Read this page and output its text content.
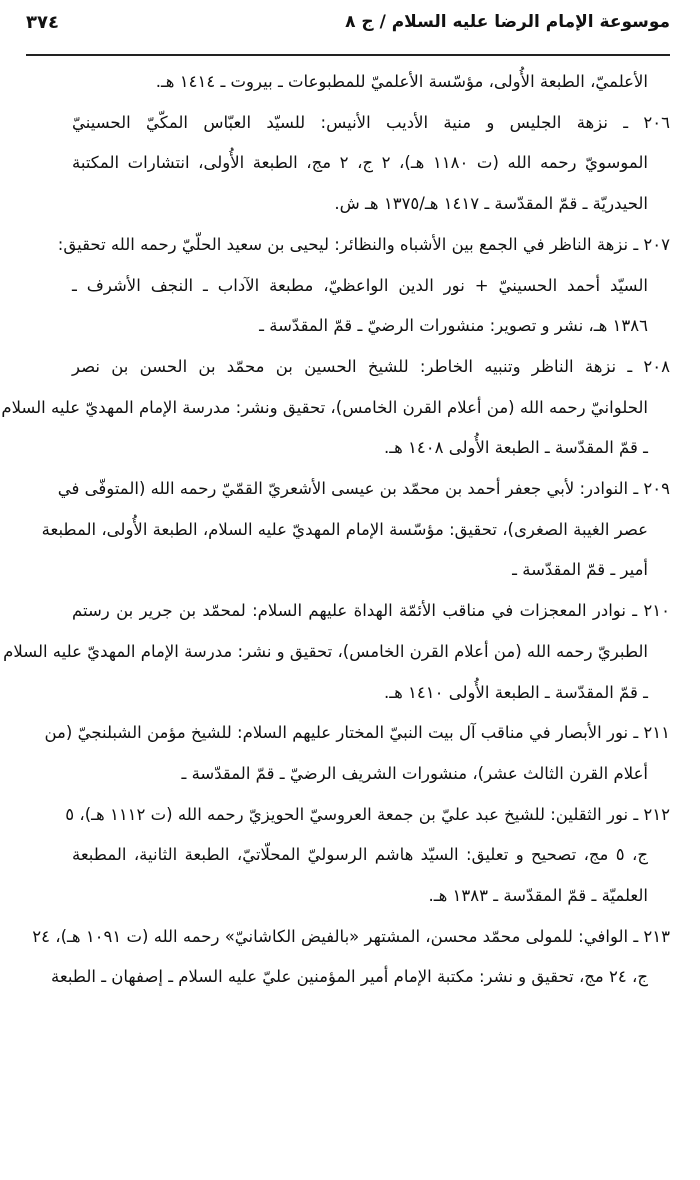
موسوعة الإمام الرضا عليه السلام / ج ٨
٣٧٤
الأعلميّ، الطبعة الأُولى، مؤسّسة الأعلميّ للمطبوعات ـ بيروت ـ ١٤١٤ هـ.
٢٠٦ ـ نزهة الجليس و منية الأديب الأنيس: للسيّد العبّاس المكّيّ الحسينيّ
الموسويّ رحمه الله (ت ١١٨٠ هـ)، ٢ ج، ٢ مج، الطبعة الأُولى، انتشارات المكتبة
الحيدريّة ـ قمّ المقدّسة ـ ١٤١٧ هـ/١٣٧٥ هـ ش.
٢٠٧ ـ نزهة الناظر في الجمع بين الأشباه والنظائر: ليحيى بن سعيد الحلّيّ رحمه الله تحقيق:
السيّد أحمد الحسينيّ + نور الدين الواعظيّ، مطبعة الآداب ـ النجف الأشرف ـ
١٣٨٦ هـ، نشر و تصوير: منشورات الرضيّ ـ قمّ المقدّسة ـ
٢٠٨ ـ نزهة الناظر وتنبيه الخاطر: للشيخ الحسين بن محمّد بن الحسن بن نصر
الحلوانيّ رحمه الله (من أعلام القرن الخامس)، تحقيق ونشر: مدرسة الإمام المهديّ عليه السلام
ـ قمّ المقدّسة ـ الطبعة الأُولى ١٤٠٨ هـ.
٢٠٩ ـ النوادر: لأبي جعفر أحمد بن محمّد بن عيسى الأشعريّ القمّيّ رحمه الله (المتوفّى في
عصر الغيبة الصغرى)، تحقيق: مؤسّسة الإمام المهديّ عليه السلام، الطبعة الأُولى، المطبعة
أمير ـ قمّ المقدّسة ـ
٢١٠ ـ نوادر المعجزات في مناقب الأئمّة الهداة عليهم السلام: لمحمّد بن جرير بن رستم
الطبريّ رحمه الله (من أعلام القرن الخامس)، تحقيق و نشر: مدرسة الإمام المهديّ عليه السلام
ـ قمّ المقدّسة ـ الطبعة الأُولى ١٤١٠ هـ.
٢١١ ـ نور الأبصار في مناقب آل بيت النبيّ المختار عليهم السلام: للشيخ مؤمن الشبلنجيّ (من
أعلام القرن الثالث عشر)، منشورات الشريف الرضيّ ـ قمّ المقدّسة ـ
٢١٢ ـ نور الثقلين: للشيخ عبد عليّ بن جمعة العروسيّ الحويزيّ رحمه الله (ت ١١١٢ هـ)، ٥
ج، ٥ مج، تصحيح و تعليق: السيّد هاشم الرسوليّ المحلّاتيّ، الطبعة الثانية، المطبعة
العلميّة ـ قمّ المقدّسة ـ ١٣٨٣ هـ.
٢١٣ ـ الوافي: للمولى محمّد محسن، المشتهر «بالفيض الكاشانيّ» رحمه الله (ت ١٠٩١ هـ)، ٢٤
ج، ٢٤ مج، تحقيق و نشر: مكتبة الإمام أمير المؤمنين عليّ عليه السلام ـ إصفهان ـ الطبعة
